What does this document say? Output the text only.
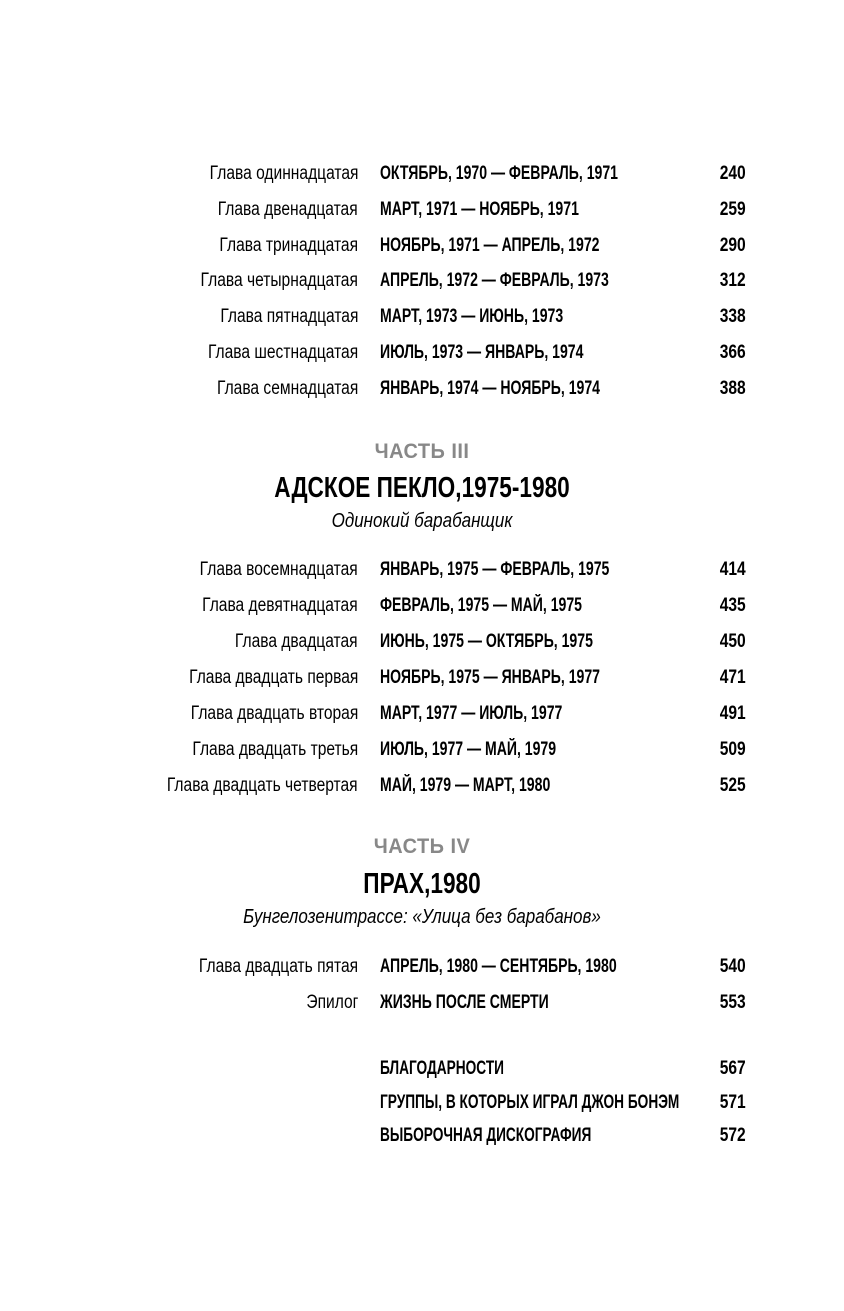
Глава одиннадцатая ОКТЯБРЬ, 1970 — ФЕВРАЛЬ, 1971	240
Глава двенадцатая МАРТ, 1971 — НОЯБРЬ, 1971	259
Глава тринадцатая НОЯБРЬ, 1971 — АПРЕЛЬ, 1972	290
Глава четырнадцатая АПРЕЛЬ, 1972 — ФЕВРАЛЬ, 1973	312
Глава пятнадцатая МАРТ, 1973 — ИЮНЬ, 1973	338
Глава шестнадцатая ИЮЛЬ, 1973 — ЯНВАРЬ, 1974	366
Глава семнадцатая ЯНВАРЬ, 1974 — НОЯБРЬ, 1974	388
ЧАСТЬ III
АДСКОЕ ПЕКЛО,1975-1980
Одинокий барабанщик
Глава восемнадцатая ЯНВАРЬ, 1975 — ФЕВРАЛЬ, 1975	414
Глава девятнадцатая ФЕВРАЛЬ, 1975 — МАЙ, 1975	435
Глава двадцатая ИЮНЬ, 1975 — ОКТЯБРЬ, 1975	450
Глава двадцать первая НОЯБРЬ, 1975 — ЯНВАРЬ, 1977	471
Глава двадцать вторая МАРТ, 1977 — ИЮЛЬ, 1977	491
Глава двадцать третья ИЮЛЬ, 1977 — МАЙ, 1979	509
Глава двадцать четвертая МАЙ, 1979 — МАРТ, 1980	525
ЧАСТЬ IV
ПРАХ,1980
Бунгелозенитрассе: «Улица без барабанов»
Глава двадцать пятая АПРЕЛЬ, 1980 — СЕНТЯБРЬ, 1980	540
Эпилог ЖИЗНЬ ПОСЛЕ СМЕРТИ	553
БЛАГОДАРНОСТИ	567
ГРУППЫ, В КОТОРЫХ ИГРАЛ ДЖОН БОНЭМ 571
ВЫБОРОЧНАЯ ДИСКОГРАФИЯ	572
